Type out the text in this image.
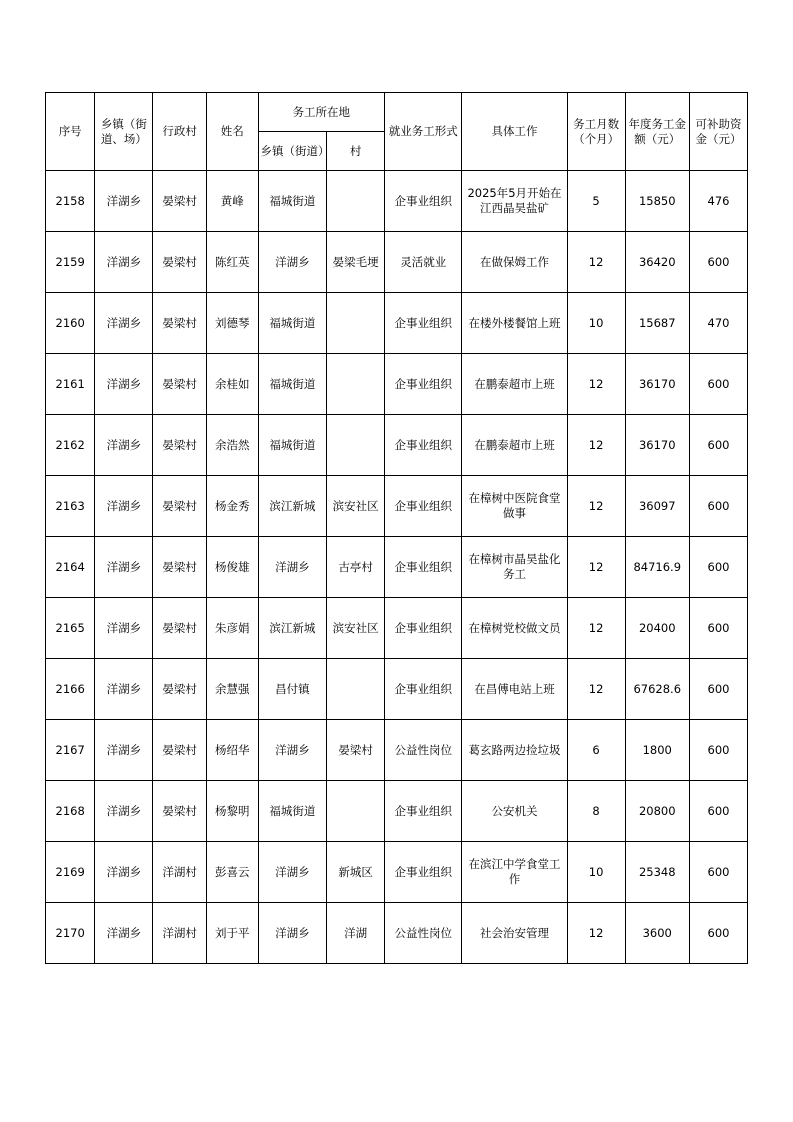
序号	乡镇（街道、场）	行政村	姓名	务工所在地		就业务工形式	具体工作	务工月数（个月）	年度务工金额（元）	可补助资金（元）
				乡镇（街道）	村					
2158	洋湖乡	晏梁村	黄峰	福城街道		企事业组织	2025年5月开始在江西晶昊盐矿	5	15850	476
2159	洋湖乡	晏梁村	陈红英	洋湖乡	晏梁毛埂	灵活就业	在做保姆工作	12	36420	600
2160	洋湖乡	晏梁村	刘德琴	福城街道		企事业组织	在楼外楼餐馆上班	10	15687	470
2161	洋湖乡	晏梁村	余桂如	福城街道		企事业组织	在鹏泰超市上班	12	36170	600
2162	洋湖乡	晏梁村	余浩然	福城街道		企事业组织	在鹏泰超市上班	12	36170	600
2163	洋湖乡	晏梁村	杨金秀	滨江新城	滨安社区	企事业组织	在樟树中医院食堂做事	12	36097	600
2164	洋湖乡	晏梁村	杨俊雄	洋湖乡	古亭村	企事业组织	在樟树市晶昊盐化务工	12	84716.9	600
2165	洋湖乡	晏梁村	朱彦娟	滨江新城	滨安社区	企事业组织	在樟树党校做文员	12	20400	600
2166	洋湖乡	晏梁村	余慧强	昌付镇		企事业组织	在昌傅电站上班	12	67628.6	600
2167	洋湖乡	晏梁村	杨绍华	洋湖乡	晏梁村	公益性岗位	葛玄路两边捡垃圾	6	1800	600
2168	洋湖乡	晏梁村	杨黎明	福城街道		企事业组织	公安机关	8	20800	600
2169	洋湖乡	洋湖村	彭喜云	洋湖乡	新城区	企事业组织	在滨江中学食堂工作	10	25348	600
2170	洋湖乡	洋湖村	刘于平	洋湖乡	洋湖	公益性岗位	社会治安管理	12	3600	600
